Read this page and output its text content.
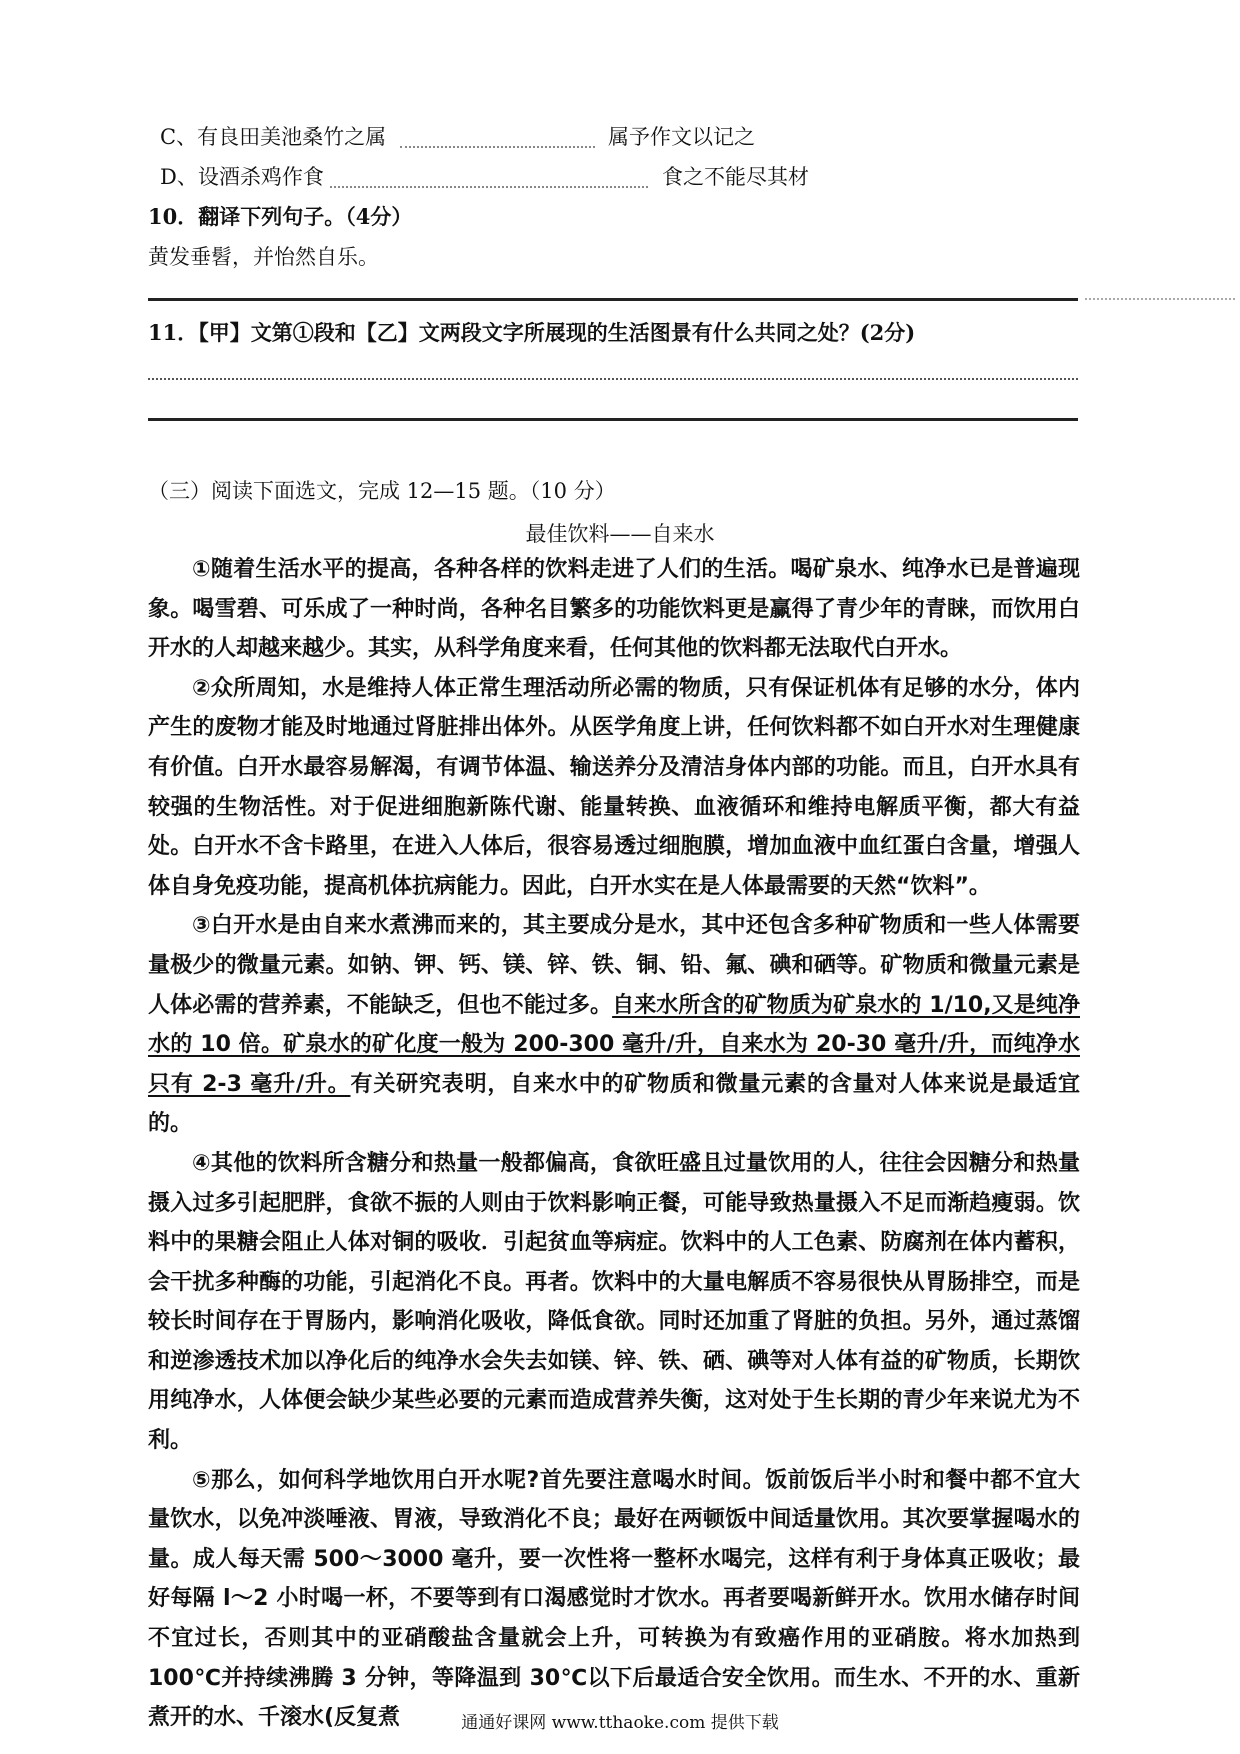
C、有良田美池桑竹之属	属予作文以记之
D、设酒杀鸡作食	食之不能尽其材
10．翻译下列句子。（4分）
黄发垂髫，并怡然自乐。
11．【甲】文第①段和【乙】文两段文字所展现的生活图景有什么共同之处？(2分)
（三）阅读下面选文，完成 12—15 题。（10 分）
最佳饮料——自来水

①随着生活水平的提高，各种各样的饮料走进了人们的生活。喝矿泉水、纯净水已是普遍现象。喝雪碧、可乐成了一种时尚，各种名目繁多的功能饮料更是赢得了青少年的青睐，而饮用白开水的人却越来越少。其实，从科学角度来看，任何其他的饮料都无法取代白开水。

②众所周知，水是维持人体正常生理活动所必需的物质，只有保证机体有足够的水分，体内产生的废物才能及时地通过肾脏排出体外。从医学角度上讲，任何饮料都不如白开水对生理健康有价值。白开水最容易解渴，有调节体温、输送养分及清洁身体内部的功能。而且，白开水具有较强的生物活性。对于促进细胞新陈代谢、能量转换、血液循环和维持电解质平衡，都大有益处。白开水不含卡路里，在进入人体后，很容易透过细胞膜，增加血液中血红蛋白含量，增强人体自身免疫功能，提高机体抗病能力。因此，白开水实在是人体最需要的天然“饮料”。

③白开水是由自来水煮沸而来的，其主要成分是水，其中还包含多种矿物质和一些人体需要量极少的微量元素。如钠、钾、钙、镁、锌、铁、铜、铅、氟、碘和硒等。矿物质和微量元素是人体必需的营养素，不能缺乏，但也不能过多。自来水所含的矿物质为矿泉水的 1/10,又是纯净水的 10 倍。矿泉水的矿化度一般为 200-300 毫升/升，自来水为 20-30 毫升/升，而纯净水只有 2-3 毫升/升。有关研究表明，自来水中的矿物质和微量元素的含量对人体来说是最适宜的。

④其他的饮料所含糖分和热量一般都偏高，食欲旺盛且过量饮用的人，往往会因糖分和热量摄入过多引起肥胖，食欲不振的人则由于饮料影响正餐，可能导致热量摄入不足而渐趋瘦弱。饮料中的果糖会阻止人体对铜的吸收．引起贫血等病症。饮料中的人工色素、防腐剂在体内蓄积，会干扰多种酶的功能，引起消化不良。再者。饮料中的大量电解质不容易很快从胃肠排空，而是较长时间存在于胃肠内，影响消化吸收，降低食欲。同时还加重了肾脏的负担。另外，通过蒸馏和逆渗透技术加以净化后的纯净水会失去如镁、锌、铁、硒、碘等对人体有益的矿物质，长期饮用纯净水，人体便会缺少某些必要的元素而造成营养失衡，这对处于生长期的青少年来说尤为不利。

⑤那么，如何科学地饮用白开水呢?首先要注意喝水时间。饭前饭后半小时和餐中都不宜大量饮水，以免冲淡唾液、胃液，导致消化不良；最好在两顿饭中间适量饮用。其次要掌握喝水的量。成人每天需 500～3000 毫升，要一次性将一整杯水喝完，这样有利于身体真正吸收；最好每隔 l～2 小时喝一杯，不要等到有口渴感觉时才饮水。再者要喝新鲜开水。饮用水储存时间不宜过长，否则其中的亚硝酸盐含量就会上升，可转换为有致癌作用的亚硝胺。将水加热到 100℃并持续沸腾 3 分钟，等降温到 30℃以下后最适合安全饮用。而生水、不开的水、重新煮开的水、千滚水(反复煮	通通好课网 www.tthaoke.com 提供下载
